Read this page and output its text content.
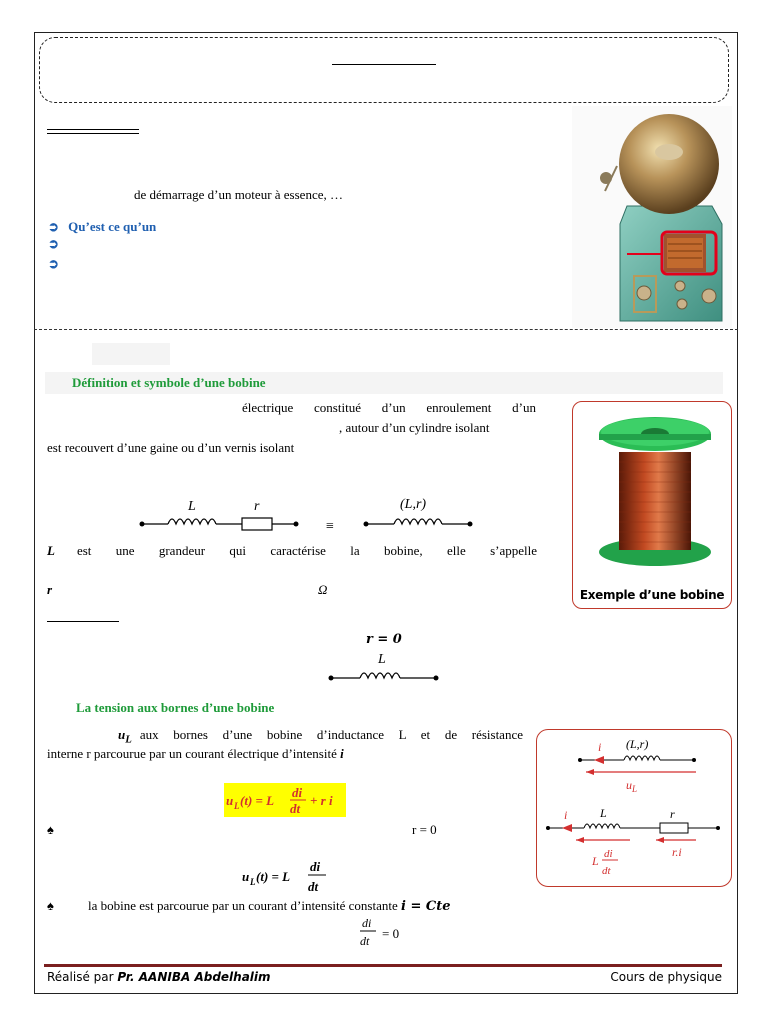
de démarrage d’un moteur à essence, …
➲ Qu’est ce qu’un
➲
➲
Définition et symbole d’une bobine
électrique constitué d’un enroulement d’un
, autour d’un cylindre isolant
est recouvert d’une gaine ou d’un vernis isolant
L	r
≡
(L,r)
L est une grandeur qui caractérise la bobine, elle s’appelle
r	Ω	Exemple d’une bobine
r = 0
L
La tension aux bornes d’une bobine
$u_L$ aux bornes d’une bobine d’inductance L et de résistance
interne r parcourue par un courant électrique d’intensité i
u L (t) = L
di
dt
+ r i
♠	r = 0
u L (t) = L
di
dt
♠	la bobine est parcourue par un courant d’intensité constante i = Cte
di
dt = 0
i (L,r)
$u_L$
i	L	r
L di
dt
r.i
Réalisé par Pr. AANIBA Abdelhalim	Cours de physique
